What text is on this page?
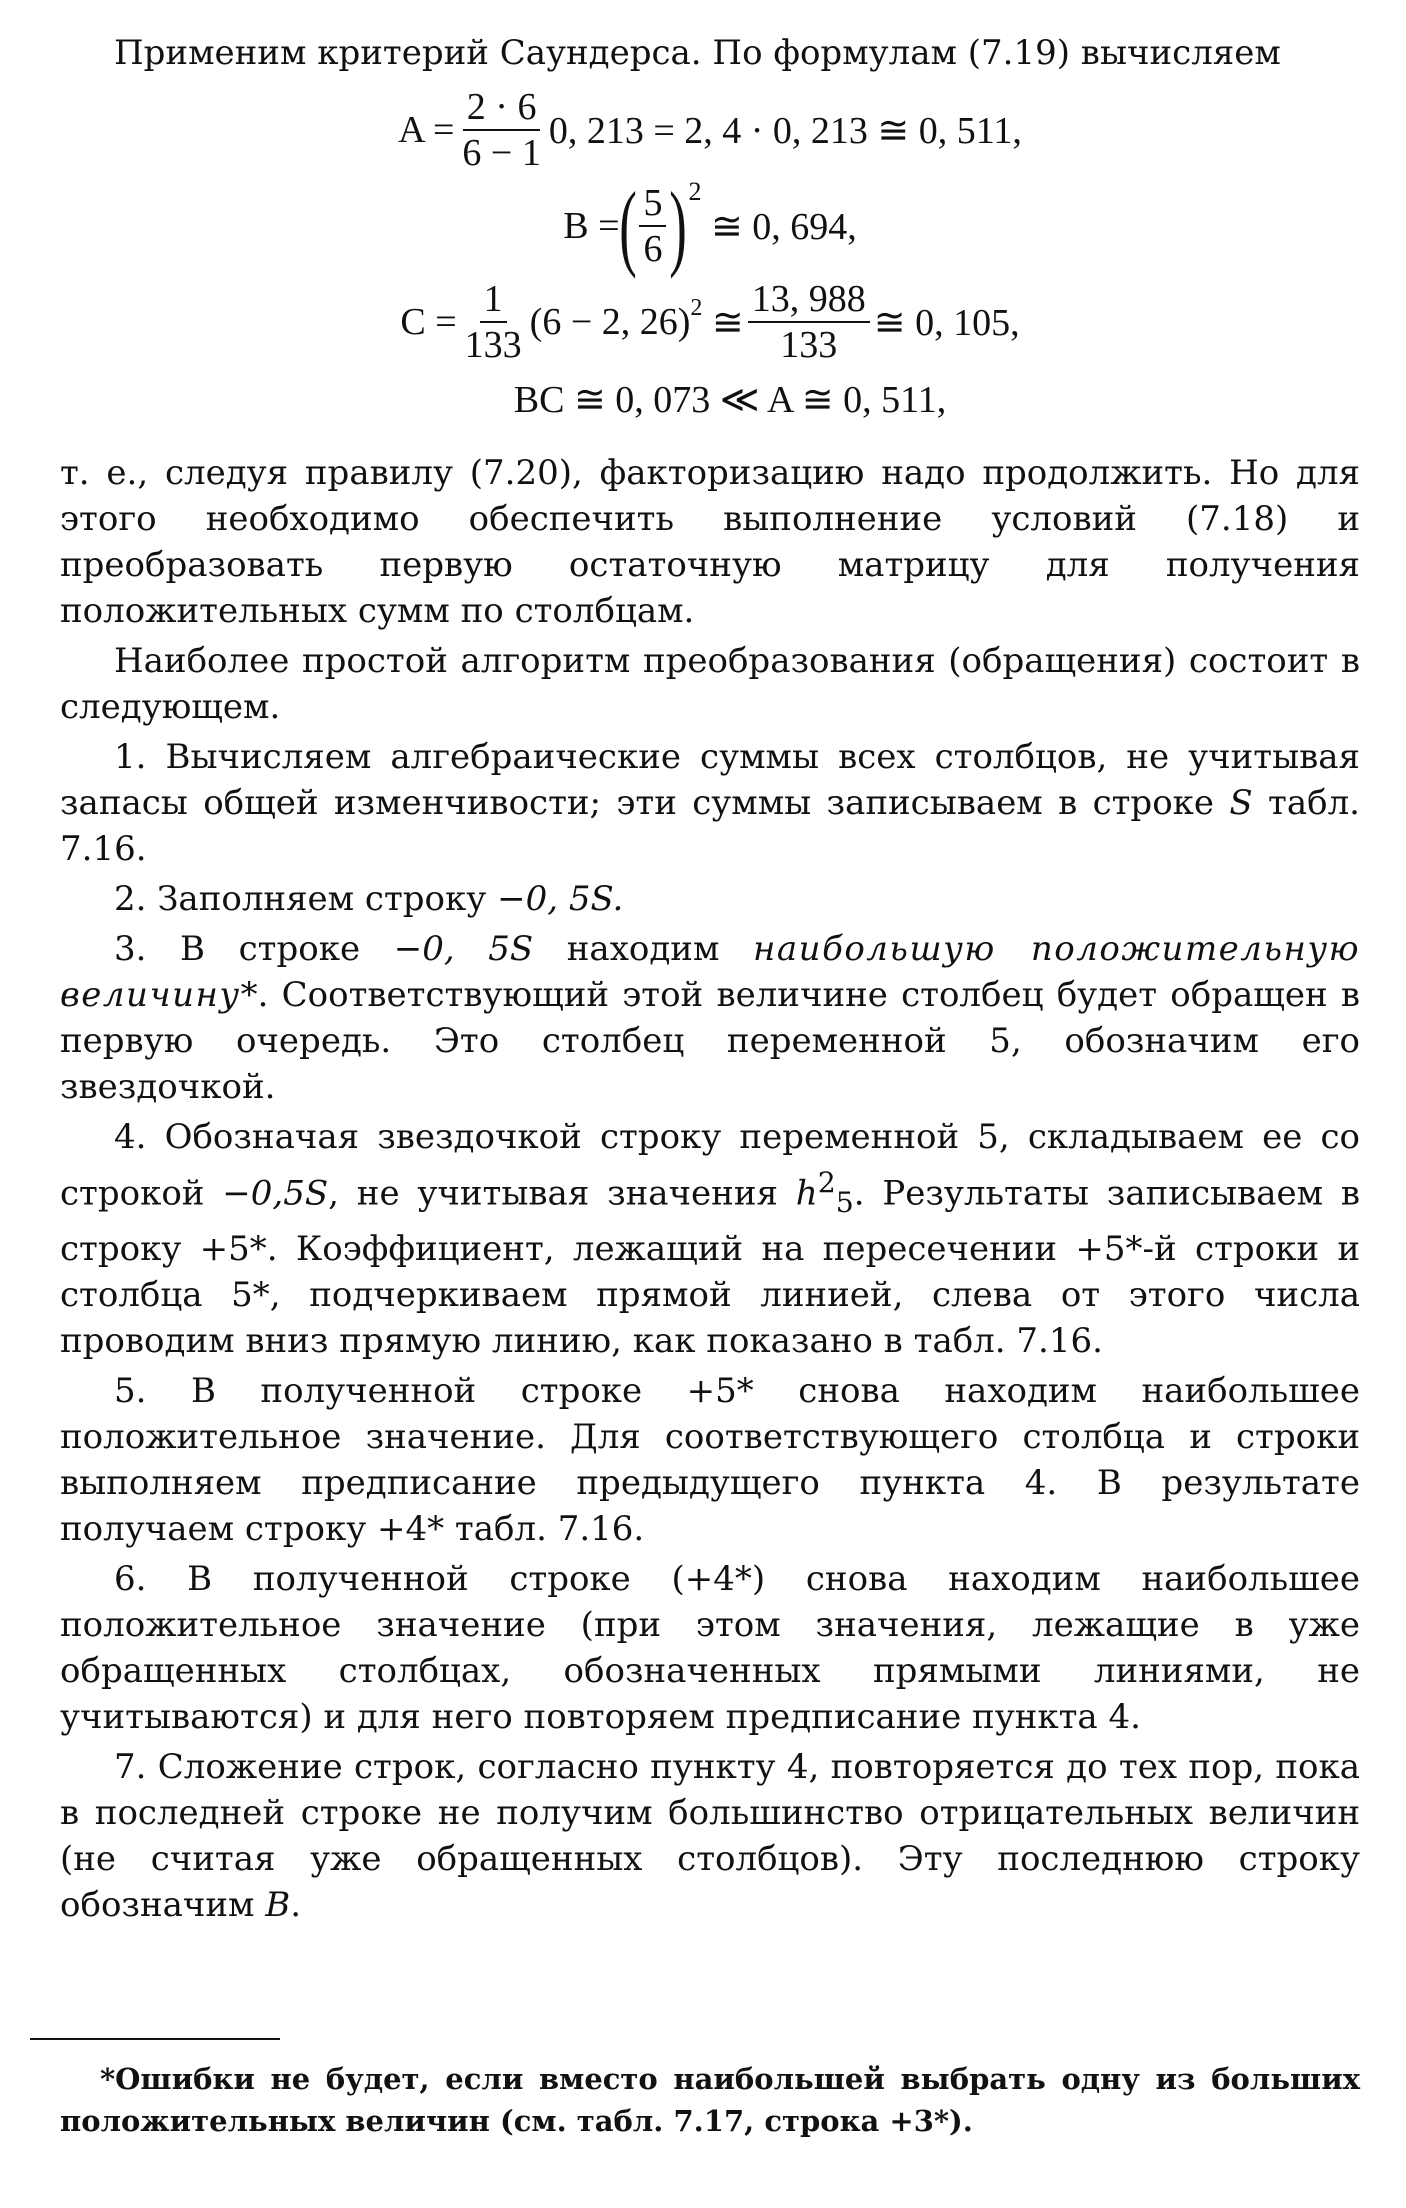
Применим критерий Саундерса. По формулам (7.19) вычисляем
$A = \frac{2 \cdot 6}{6 - 1} 0$, 213 = 2, 4 · 0, 213 ≅ 0, 511,
B = ( $\frac{5}{6}$ ) 2

≅ 0, 694,
$C = \frac{1}{133} (6 - 2$, 26) 2
≅ $\frac{13, 988}{133}$ ≅ 0, 105,
BC ≅ 0, 073 ≪ A ≅ 0, 511,

т. е., следуя правилу (7.20), факторизацию надо продолжить. Но для этого необходимо обеспечить выполнение условий (7.18) и преобразовать первую остаточную матрицу для получения положительных сумм по столбцам.

Наиболее простой алгоритм преобразования (обращения) состоит в следующем.

1. Вычисляем алгебраические суммы всех столбцов, не учитывая запасы общей изменчивости; эти суммы записываем в строке S табл. 7.16.

2. Заполняем строку −0, 5S.

3. В строке −0, 5S находим наибольшую положительную величину*. Соответствующий этой величине столбец будет обращен в первую очередь. Это столбец переменной 5, обозначим его звездочкой.

4. Обозначая звездочкой строку переменной 5, складываем ее со строкой −0,5S, не учитывая значения $h^2_5$. Результаты записываем в строку +5*. Коэффициент, лежащий на пересечении +5*-й строки и столбца 5*, подчеркиваем прямой линией, слева от этого числа проводим вниз прямую линию, как показано в табл. 7.16.

5. В полученной строке +5* снова находим наибольшее положительное значение. Для соответствующего столбца и строки выполняем предписание предыдущего пункта 4. В результате получаем строку +4* табл. 7.16.

6. В полученной строке (+4*) снова находим наибольшее положительное значение (при этом значения, лежащие в уже обращенных столбцах, обозначенных прямыми линиями, не учитываются) и для него повторяем предписание пункта 4.

7. Сложение строк, согласно пункту 4, повторяется до тех пор, пока в последней строке не получим большинство отрицательных величин (не считая уже обращенных столбцов). Эту последнюю строку обозначим B.

*Ошибки не будет, если вместо наибольшей выбрать одну из больших положительных величин (см. табл. 7.17, строка +3*).
